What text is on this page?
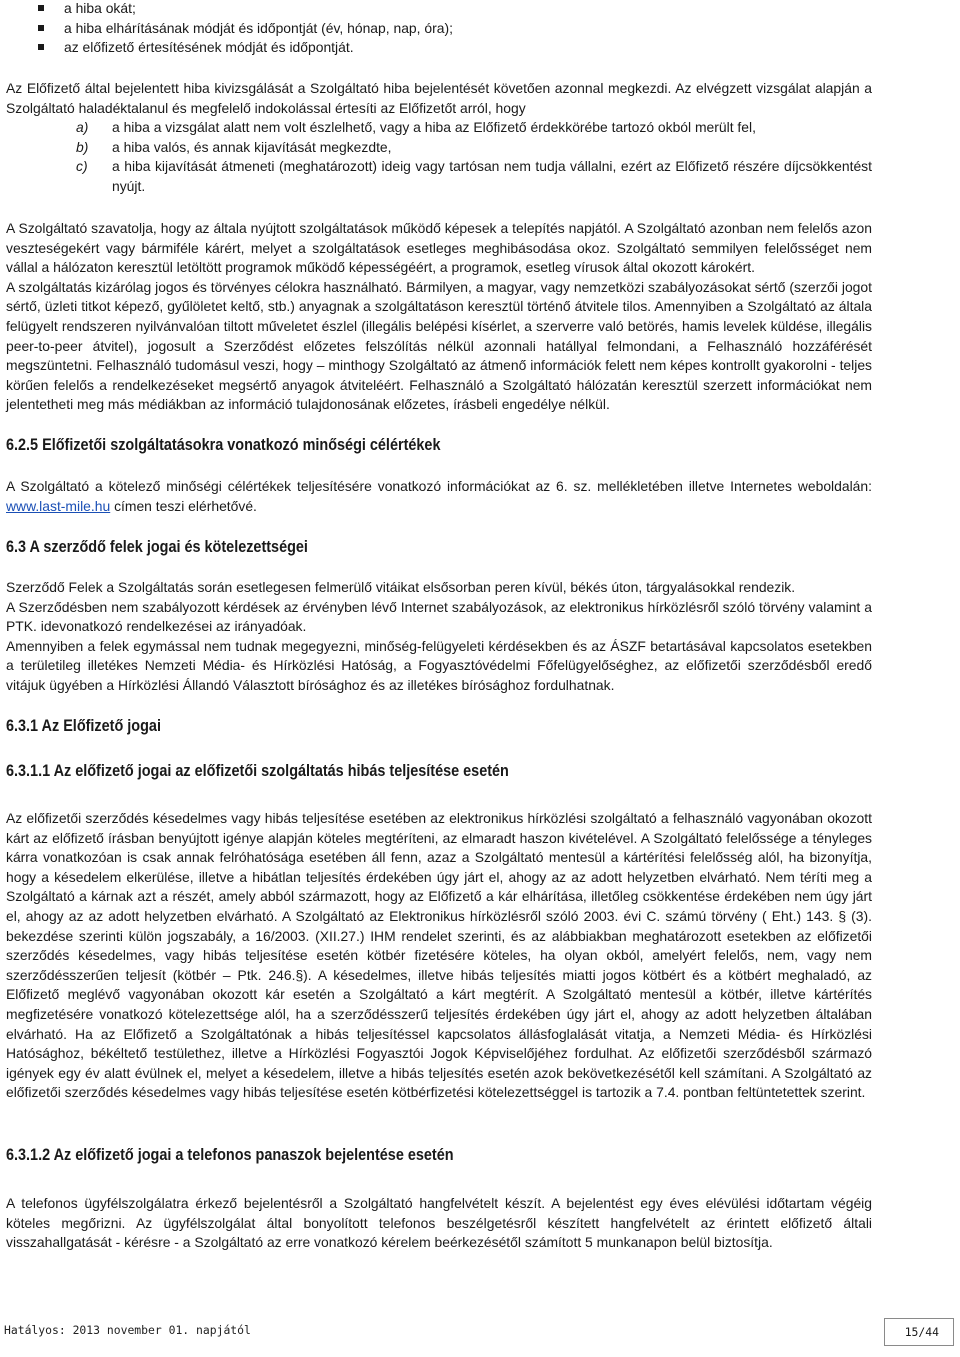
a hiba okát;
a hiba elhárításának módját és időpontját (év, hónap, nap, óra);
az előfizető értesítésének módját és időpontját.

Az Előfizető által bejelentett hiba kivizsgálását a Szolgáltató hiba bejelentését követően azonnal megkezdi. Az elvégzett vizsgálat alapján a Szolgáltató haladéktalanul és megfelelő indokolással értesíti az Előfizetőt arról, hogy

a) a hiba a vizsgálat alatt nem volt észlelhető, vagy a hiba az Előfizető érdekkörébe tartozó okból merült fel,
b) a hiba valós, és annak kijavítását megkezdte,
c) a hiba kijavítását átmeneti (meghatározott) ideig vagy tartósan nem tudja vállalni, ezért az Előfizető részére díjcsökkentést nyújt.

A Szolgáltató szavatolja, hogy az általa nyújtott szolgáltatások működő képesek a telepítés napjától. A Szolgáltató azonban nem felelős azon veszteségekért vagy bármiféle kárért, melyet a szolgáltatások esetleges meghibásodása okoz. Szolgáltató semmilyen felelősséget nem vállal a hálózaton keresztül letöltött programok működő képességéért, a programok, esetleg vírusok által okozott károkért.

A szolgáltatás kizárólag jogos és törvényes célokra használható. Bármilyen, a magyar, vagy nemzetközi szabályozásokat sértő (szerzői jogot sértő, üzleti titkot képező, gyűlöletet keltő, stb.) anyagnak a szolgáltatáson keresztül történő átvitele tilos. Amennyiben a Szolgáltató az általa felügyelt rendszeren nyilvánvalóan tiltott műveletet észlel (illegális belépési kísérlet, a szerverre való betörés, hamis levelek küldése, illegális peer-to-peer átvitel), jogosult a Szerződést előzetes felszólítás nélkül azonnali hatállyal felmondani, a Felhasználó hozzáférését megszüntetni. Felhasználó tudomásul veszi, hogy – minthogy Szolgáltató az átmenő információk felett nem képes kontrollt gyakorolni - teljes körűen felelős a rendelkezéseket megsértő anyagok átviteléért. Felhasználó a Szolgáltató hálózatán keresztül szerzett információkat nem jelentetheti meg más médiákban az információ tulajdonosának előzetes, írásbeli engedélye nélkül.

6.2.5 Előfizetői szolgáltatásokra vonatkozó minőségi célértékek

A Szolgáltató a kötelező minőségi célértékek teljesítésére vonatkozó információkat az 6. sz. mellékletében illetve Internetes weboldalán: www.last-mile.hu címen teszi elérhetővé.

6.3 A szerződő felek jogai és kötelezettségei

Szerződő Felek a Szolgáltatás során esetlegesen felmerülő vitáikat elsősorban peren kívül, békés úton, tárgyalásokkal rendezik.

A Szerződésben nem szabályozott kérdések az érvényben lévő Internet szabályozások, az elektronikus hírközlésről szóló törvény valamint a PTK. idevonatkozó rendelkezései az irányadóak.

Amennyiben a felek egymással nem tudnak megegyezni, minőség-felügyeleti kérdésekben és az ÁSZF betartásával kapcsolatos esetekben a területileg illetékes Nemzeti Média- és Hírközlési Hatóság, a Fogyasztóvédelmi Főfelügyelőséghez, az előfizetői szerződésből eredő vitájuk ügyében a Hírközlési Állandó Választott bírósághoz és az illetékes bírósághoz fordulhatnak.

6.3.1 Az Előfizető jogai
6.3.1.1 Az előfizető jogai az előfizetői szolgáltatás hibás teljesítése esetén

Az előfizetői szerződés késedelmes vagy hibás teljesítése esetében az elektronikus hírközlési szolgáltató a felhasználó vagyonában okozott kárt az előfizető írásban benyújtott igénye alapján köteles megtéríteni, az elmaradt haszon kivételével. A Szolgáltató felelőssége a tényleges kárra vonatkozóan is csak annak felróhatósága esetében áll fenn, azaz a Szolgáltató mentesül a kártérítési felelősség alól, ha bizonyítja, hogy a késedelem elkerülése, illetve a hibátlan teljesítés érdekében úgy járt el, ahogy az az adott helyzetben elvárható. Nem téríti meg a Szolgáltató a kárnak azt a részét, amely abból származott, hogy az Előfizető a kár elhárítása, illetőleg csökkentése érdekében nem úgy járt el, ahogy az az adott helyzetben elvárható. A Szolgáltató az Elektronikus hírközlésről szóló 2003. évi C. számú törvény ( Eht.) 143. § (3). bekezdése szerinti külön jogszabály, a 16/2003. (XII.27.) IHM rendelet szerinti, és az alábbiakban meghatározott esetekben az előfizetői szerződés késedelmes, vagy hibás teljesítése esetén kötbér fizetésére köteles, ha olyan okból, amelyért felelős, nem, vagy nem szerződésszerűen teljesít (kötbér – Ptk. 246.§). A késedelmes, illetve hibás teljesítés miatti jogos kötbért és a kötbért meghaladó, az Előfizető meglévő vagyonában okozott kár esetén a Szolgáltató a kárt megtérít. A Szolgáltató mentesül a kötbér, illetve kártérítés megfizetésére vonatkozó kötelezettsége alól, ha a szerződésszerű teljesítés érdekében úgy járt el, ahogy az adott helyzetben általában elvárható. Ha az Előfizető a Szolgáltatónak a hibás teljesítéssel kapcsolatos állásfoglalását vitatja, a Nemzeti Média- és Hírközlési Hatósághoz, békéltető testülethez, illetve a Hírközlési Fogyasztói Jogok Képviselőjéhez fordulhat. Az előfizetői szerződésből származó igények egy év alatt évülnek el, melyet a késedelem, illetve a hibás teljesítés esetén azok bekövetkezésétől kell számítani. A Szolgáltató az előfizetői szerződés késedelmes vagy hibás teljesítése esetén kötbérfizetési kötelezettséggel is tartozik a 7.4. pontban feltüntetettek szerint.

6.3.1.2 Az előfizető jogai a telefonos panaszok bejelentése esetén

A telefonos ügyfélszolgálatra érkező bejelentésről a Szolgáltató hangfelvételt készít. A bejelentést egy éves elévülési időtartam végéig köteles megőrizni. Az ügyfélszolgálat által bonyolított telefonos beszélgetésről készített hangfelvételt az érintett előfizető általi visszahallgatását - kérésre - a Szolgáltató az erre vonatkozó kérelem beérkezésétől számított 5 munkanapon belül biztosítja.

Hatályos: 2013 november 01. napjától	15/44
